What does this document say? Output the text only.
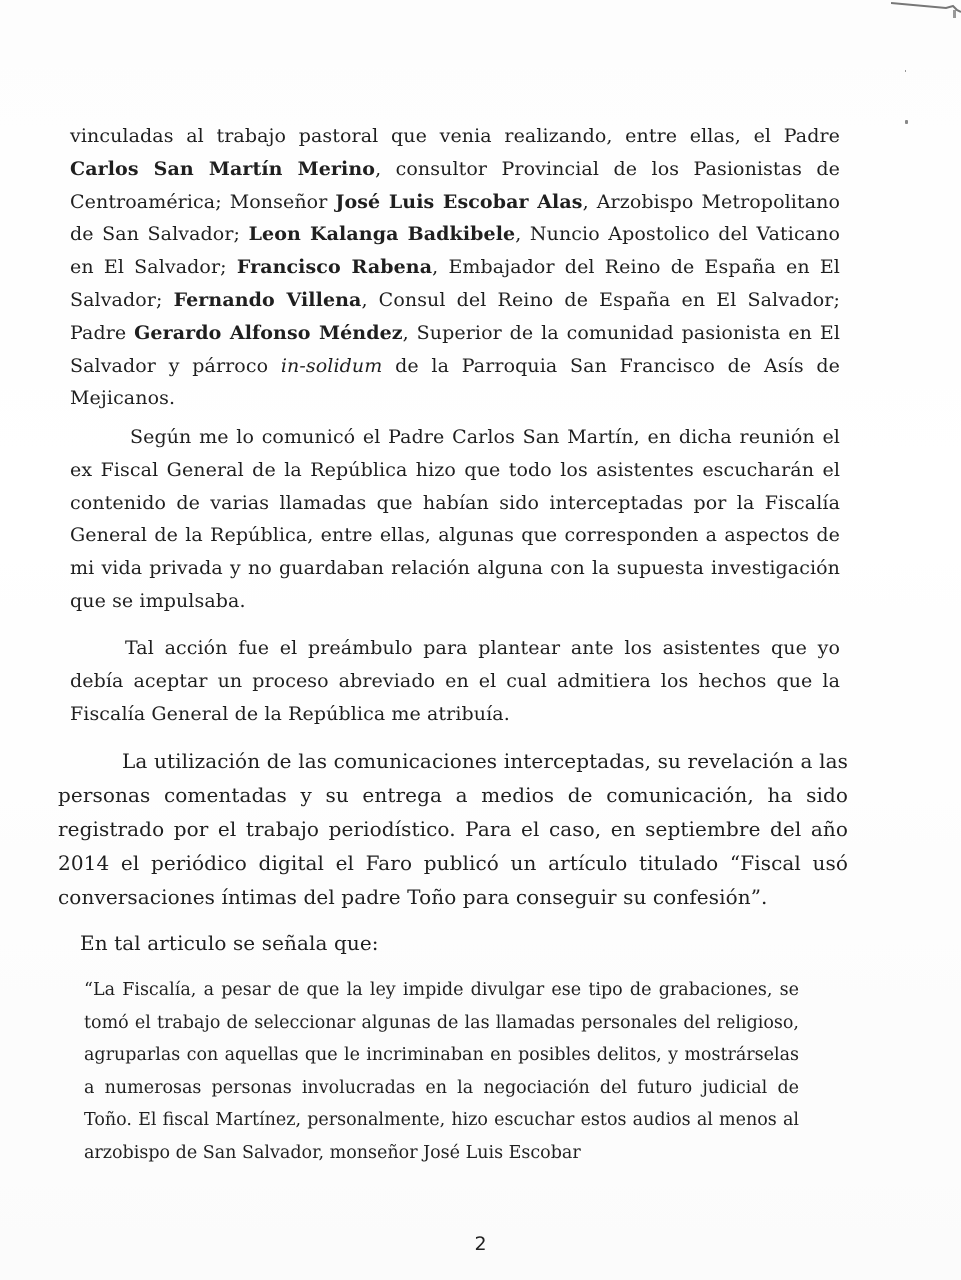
vinculadas al trabajo pastoral que venia realizando, entre ellas, el Padre Carlos San Martín Merino, consultor Provincial de los Pasionistas de Centroamérica; Monseñor José Luis Escobar Alas, Arzobispo Metropolitano de San Salvador; Leon Kalanga Badkibele, Nuncio Apostolico del Vaticano en El Salvador; Francisco Rabena, Embajador del Reino de España en El Salvador; Fernando Villena, Consul del Reino de España en El Salvador; Padre Gerardo Alfonso Méndez, Superior de la comunidad pasionista en El Salvador y párroco in-solidum de la Parroquia San Francisco de Asís de Mejicanos.
Según me lo comunicó el Padre Carlos San Martín, en dicha reunión el ex Fiscal General de la República hizo que todo los asistentes escucharán el contenido de varias llamadas que habían sido interceptadas por la Fiscalía General de la República, entre ellas, algunas que corresponden a aspectos de mi vida privada y no guardaban relación alguna con la supuesta investigación que se impulsaba.
Tal acción fue el preámbulo para plantear ante los asistentes que yo debía aceptar un proceso abreviado en el cual admitiera los hechos que la Fiscalía General de la República me atribuía.
La utilización de las comunicaciones interceptadas, su revelación a las personas comentadas y su entrega a medios de comunicación, ha sido registrado por el trabajo periodístico. Para el caso, en septiembre del año 2014 el periódico digital el Faro publicó un artículo titulado “Fiscal usó conversaciones íntimas del padre Toño para conseguir su confesión”.
En tal articulo se señala que:
“La Fiscalía, a pesar de que la ley impide divulgar ese tipo de grabaciones, se tomó el trabajo de seleccionar algunas de las llamadas personales del religioso, agruparlas con aquellas que le incriminaban en posibles delitos, y mostrárselas a numerosas personas involucradas en la negociación del futuro judicial de Toño. El fiscal Martínez, personalmente, hizo escuchar estos audios al menos al arzobispo de San Salvador, monseñor José Luis Escobar
2
